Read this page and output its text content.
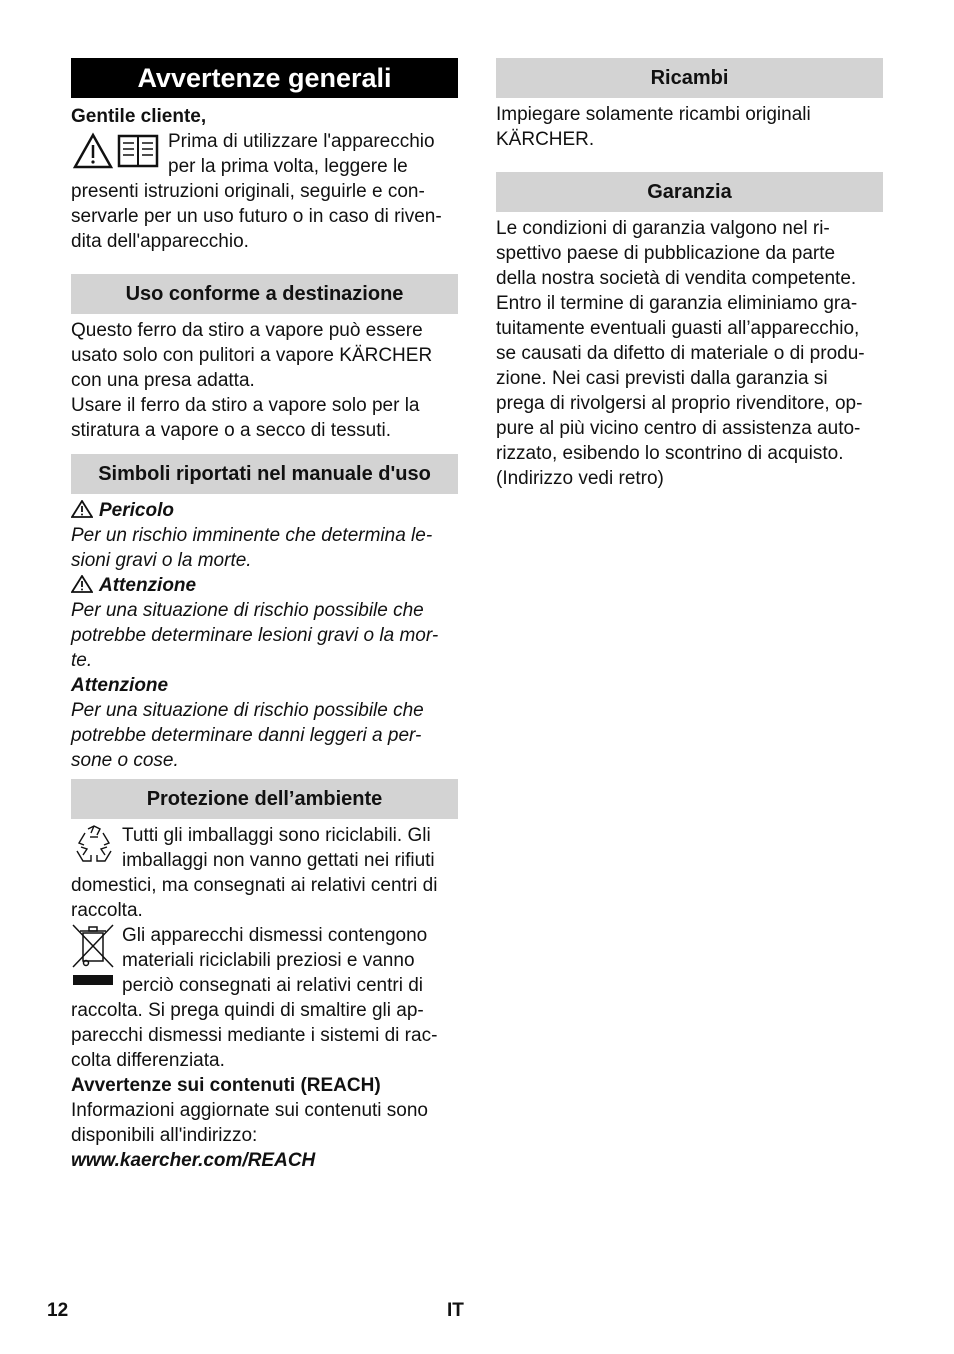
Avvertenze generali

Gentile cliente,

Prima di utilizzare l'apparecchio

per la prima volta, leggere le

presenti istruzioni originali, seguirle e con-

servarle per un uso futuro o in caso di riven-

dita dell'apparecchio.

Uso conforme a destinazione

Questo ferro da stiro a vapore può essere

usato solo con pulitori a vapore KÄRCHER

con una presa adatta.

Usare il ferro da stiro a vapore solo per la

stiratura a vapore o a secco di tessuti.

Simboli riportati nel manuale d'uso

Pericolo

Per un rischio imminente che determina le-

sioni gravi o la morte.

Attenzione

Per una situazione di rischio possibile che

potrebbe determinare lesioni gravi o la mor-

te.

Attenzione

Per una situazione di rischio possibile che

potrebbe determinare danni leggeri a per-

sone o cose.

Protezione dell’ambiente

Tutti gli imballaggi sono riciclabili. Gli

imballaggi non vanno gettati nei rifiuti

domestici, ma consegnati ai relativi centri di

raccolta.

Gli apparecchi dismessi contengono

materiali riciclabili preziosi e vanno

perciò consegnati ai relativi centri di

raccolta. Si prega quindi di smaltire gli ap-

parecchi dismessi mediante i sistemi di rac-

colta differenziata.

Avvertenze sui contenuti (REACH)

Informazioni aggiornate sui contenuti sono

disponibili all'indirizzo:

www.kaercher.com/REACH

Ricambi

Impiegare solamente ricambi originali

KÄRCHER.

Garanzia

Le condizioni di garanzia valgono nel ri-

spettivo paese di pubblicazione da parte

della nostra società di vendita competente.

Entro il termine di garanzia eliminiamo gra-

tuitamente eventuali guasti all’apparecchio,

se causati da difetto di materiale o di produ-

zione. Nei casi previsti dalla garanzia si

prega di rivolgersi al proprio rivenditore, op-

pure al più vicino centro di assistenza auto-

rizzato, esibendo lo scontrino di acquisto.

(Indirizzo vedi retro)

12	IT
